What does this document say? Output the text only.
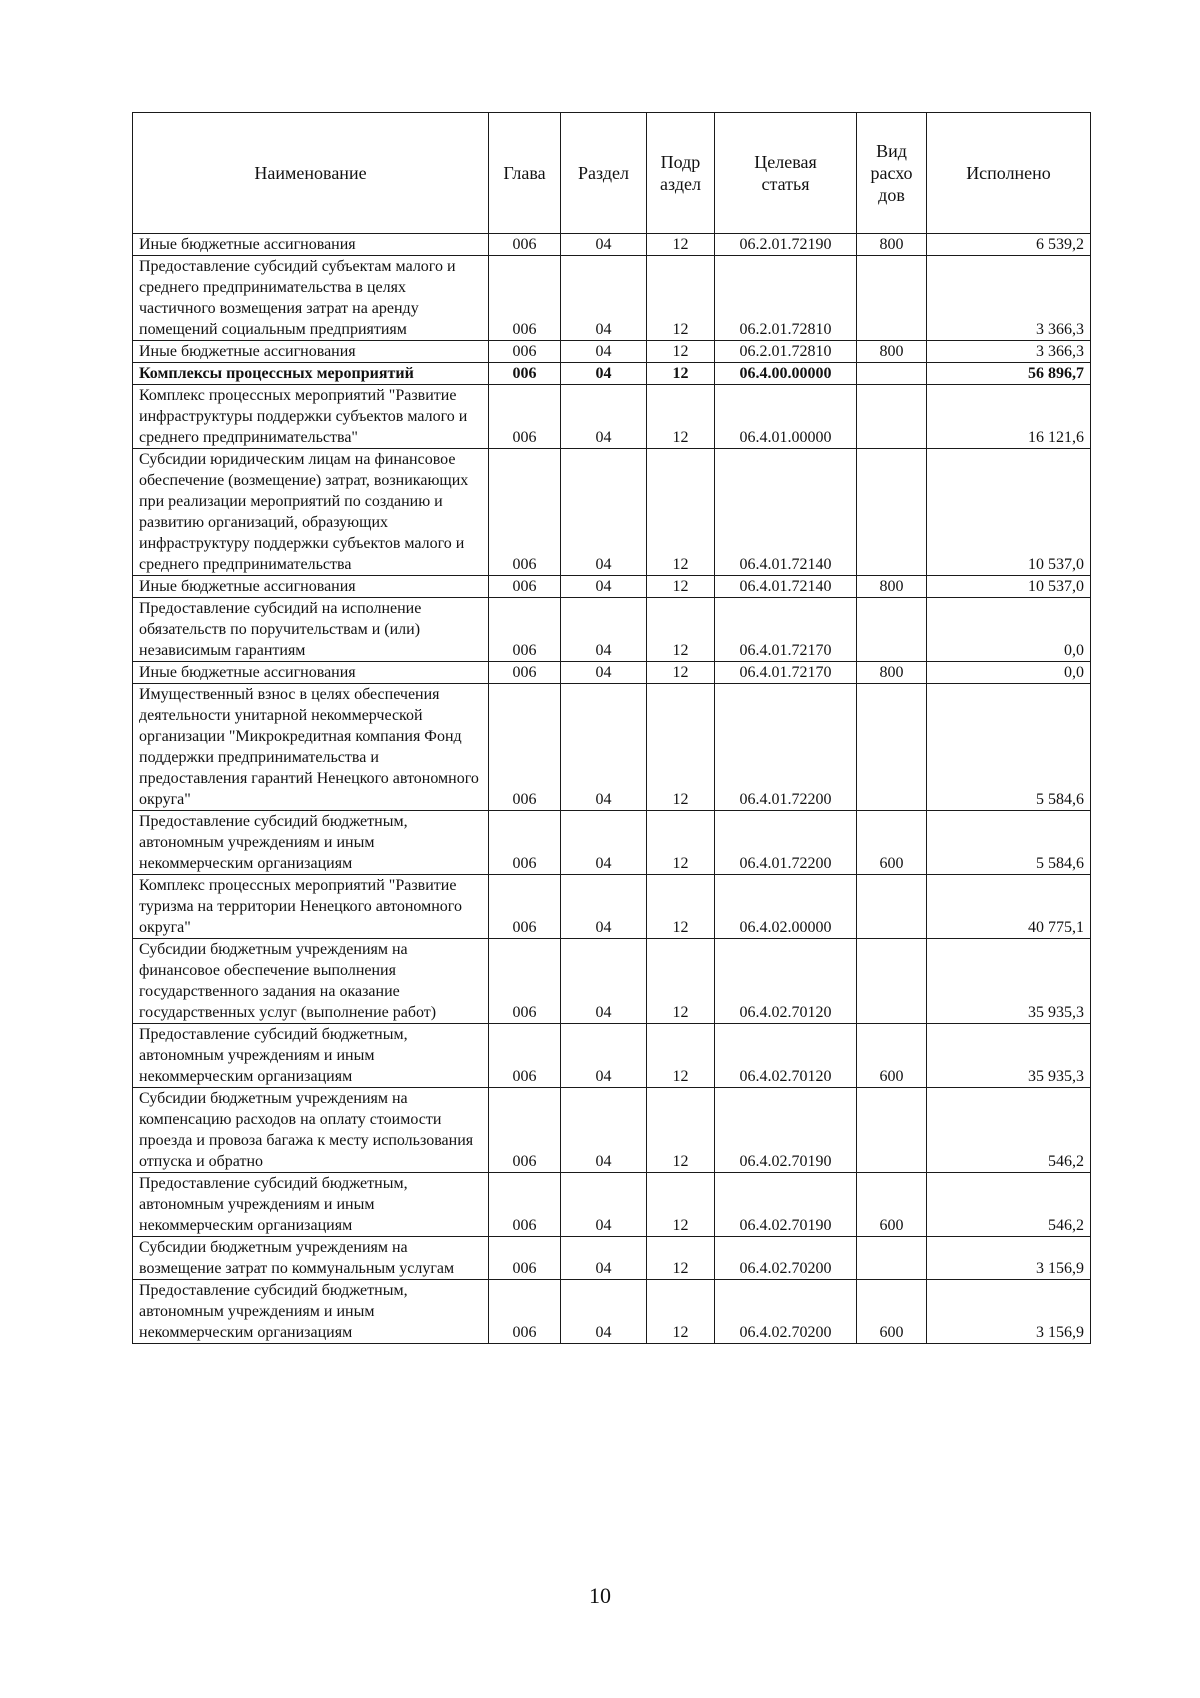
Наименование	Глава	Раздел	Подр аздел	Целевая статья	Вид расхо дов	Исполнено
Иные бюджетные ассигнования	006	04	12	06.2.01.72190	800	6 539,2
Предоставление субсидий субъектам малого и среднего предпринимательства в целях частичного возмещения затрат на аренду помещений социальным предприятиям	006	04	12	06.2.01.72810		3 366,3
Иные бюджетные ассигнования	006	04	12	06.2.01.72810	800	3 366,3
Комплексы процессных мероприятий	006	04	12	06.4.00.00000		56 896,7
Комплекс процессных мероприятий "Развитие инфраструктуры поддержки субъектов малого и среднего предпринимательства"	006	04	12	06.4.01.00000		16 121,6
Субсидии юридическим лицам на финансовое обеспечение (возмещение) затрат, возникающих при реализации мероприятий по созданию и развитию организаций, образующих инфраструктуру поддержки субъектов малого и среднего предпринимательства	006	04	12	06.4.01.72140		10 537,0
Иные бюджетные ассигнования	006	04	12	06.4.01.72140	800	10 537,0
Предоставление субсидий на исполнение обязательств по поручительствам и (или) независимым гарантиям	006	04	12	06.4.01.72170		0,0
Иные бюджетные ассигнования	006	04	12	06.4.01.72170	800	0,0
Имущественный взнос в целях обеспечения деятельности унитарной некоммерческой организации "Микрокредитная компания Фонд поддержки предпринимательства и предоставления гарантий Ненецкого автономного округа"	006	04	12	06.4.01.72200		5 584,6
Предоставление субсидий бюджетным, автономным учреждениям и иным некоммерческим организациям	006	04	12	06.4.01.72200	600	5 584,6
Комплекс процессных мероприятий "Развитие туризма на территории Ненецкого автономного округа"	006	04	12	06.4.02.00000		40 775,1
Субсидии бюджетным учреждениям на финансовое обеспечение выполнения государственного задания на оказание государственных услуг (выполнение работ)	006	04	12	06.4.02.70120		35 935,3
Предоставление субсидий бюджетным, автономным учреждениям и иным некоммерческим организациям	006	04	12	06.4.02.70120	600	35 935,3
Субсидии бюджетным учреждениям на компенсацию расходов на оплату стоимости проезда и провоза багажа к месту использования отпуска и обратно	006	04	12	06.4.02.70190		546,2
Предоставление субсидий бюджетным, автономным учреждениям и иным некоммерческим организациям	006	04	12	06.4.02.70190	600	546,2
Субсидии бюджетным учреждениям на возмещение затрат по коммунальным услугам	006	04	12	06.4.02.70200		3 156,9
Предоставление субсидий бюджетным, автономным учреждениям и иным некоммерческим организациям	006	04	12	06.4.02.70200	600	3 156,9
10
